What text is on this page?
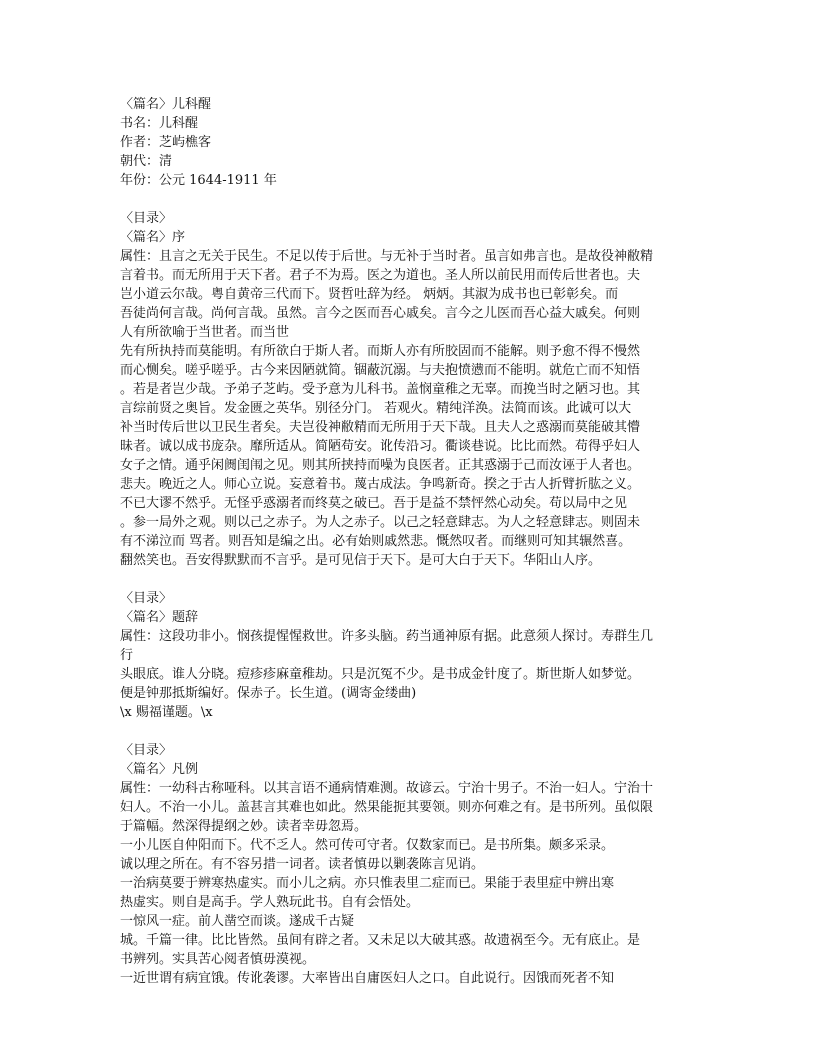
〈篇名〉儿科醒
书名：儿科醒
作者：芝屿樵客
朝代：清
年份：公元 1644-1911 年
〈目录〉
〈篇名〉序
属性：且言之无关于民生。不足以传于后世。与无补于当时者。虽言如弗言也。是故役神敝精
言着书。而无所用于天下者。君子不为焉。医之为道也。圣人所以前民用而传后世者也。夫
岂小道云尔哉。粤自黄帝三代而下。贤哲吐辞为经。 炳炳。其淑为成书也已彰彰矣。而
吾徒尚何言哉。尚何言哉。虽然。言今之医而吾心戚矣。言今之儿医而吾心益大戚矣。何则
人有所欲喻于当世者。而当世
先有所执持而莫能明。有所欲白于斯人者。而斯人亦有所胶固而不能解。则予愈不得不慢然
而心恻矣。嗟乎嗟乎。古今来因陋就简。锢蔽沉溺。与夫抱愤懑而不能明。就危亡而不知悟
。若是者岂少哉。予弟子芝屿。受予意为儿科书。盖悯童稚之无辜。而挽当时之陋习也。其
言综前贤之奥旨。发金匮之英华。别径分门。 若观火。精纯洋涣。法简而该。此诚可以大
补当时传后世以卫民生者矣。夫岂役神敝精而无所用于天下哉。且夫人之惑溺而莫能破其懵
昧者。诚以成书庞杂。靡所适从。简陋苟安。讹传沿习。衢谈巷说。比比而然。苟得乎妇人
女子之情。通乎闲阓闺闱之见。则其所挟持而噪为良医者。正其惑溺于己而汝诬于人者也。
悲夫。晚近之人。师心立说。妄意着书。蔑古成法。争鸣新奇。揆之于古人折臂折肱之义。
不已大谬不然乎。无怪乎惑溺者而终莫之破已。吾于是益不禁怦然心动矣。苟以局中之见
。参一局外之观。则以己之赤子。为人之赤子。以己之轻意肆志。为人之轻意肆志。则固未
有不涕泣而 骂者。则吾知是编之出。必有始则戚然悲。慨然叹者。而继则可知其辗然喜。
翻然笑也。吾安得默默而不言乎。是可见信于天下。是可大白于天下。华阳山人序。
〈目录〉
〈篇名〉题辞
属性：这段功非小。悯孩提惺惺救世。许多头脑。药当通神原有据。此意须人探讨。寿群生几
行
头眼底。谁人分晓。痘疹疹麻童稚劫。只是沉冤不少。是书成金针度了。斯世斯人如梦觉。
便是钟那抵斯编好。保赤子。长生道。(调寄金缕曲)
\x 赐福谨题。\x
〈目录〉
〈篇名〉凡例
属性：一幼科古称哑科。以其言语不通病情难测。故谚云。宁治十男子。不治一妇人。宁治十
妇人。不治一小儿。盖甚言其难也如此。然果能扼其要领。则亦何难之有。是书所列。虽似限
于篇幅。然深得提纲之妙。读者幸毋忽焉。
一小儿医自仲阳而下。代不乏人。然可传可守者。仅数家而已。是书所集。颇多采录。
诚以理之所在。有不容另措一词者。读者慎毋以剿袭陈言见诮。
一治病莫要于辨寒热虚实。而小儿之病。亦只惟表里二症而已。果能于表里症中辨出寒
热虚实。则自是高手。学人熟玩此书。自有会悟处。
一惊风一症。前人凿空而谈。遂成千古疑
城。千篇一律。比比皆然。虽间有辟之者。又未足以大破其惑。故遗祸至今。无有底止。是
书辨列。实具苦心阅者慎毋漠视。
一近世谓有病宜饿。传讹袭谬。大率皆出自庸医妇人之口。自此说行。因饿而死者不知
